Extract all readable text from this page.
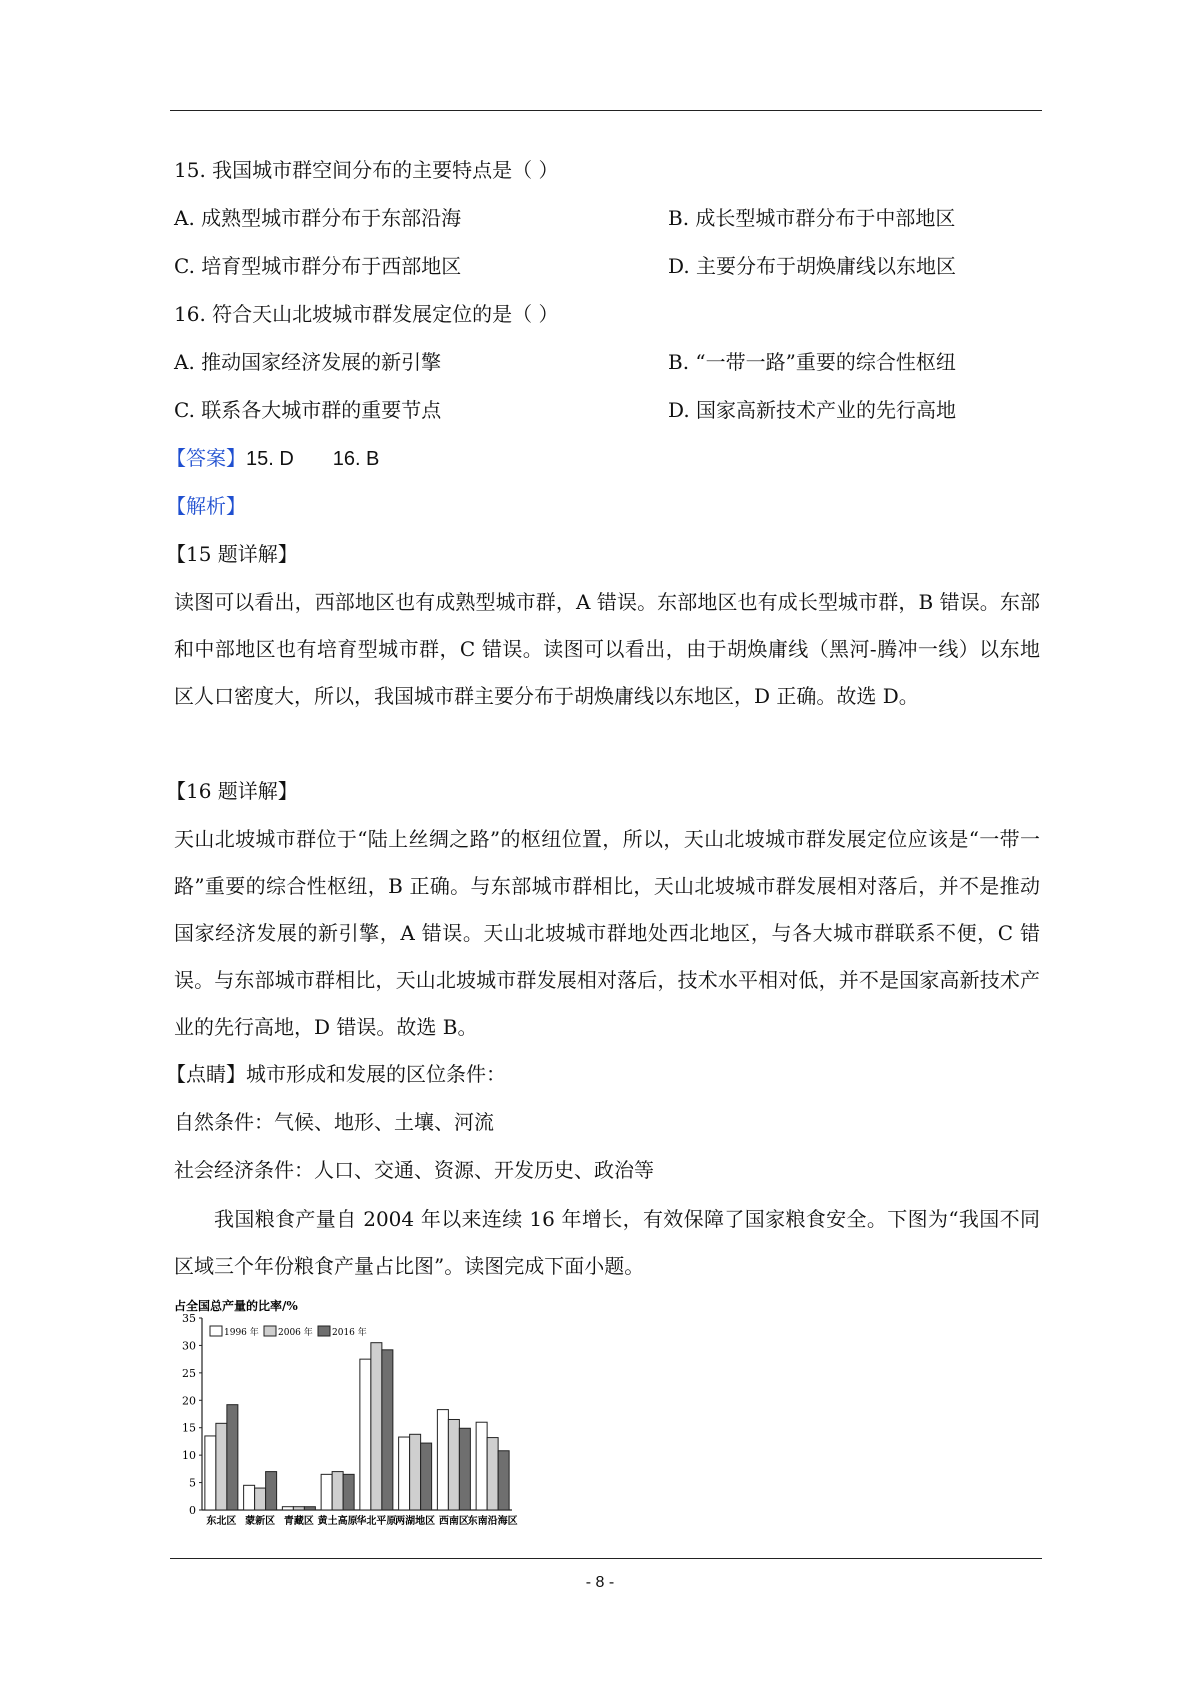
15. 我国城市群空间分布的主要特点是（ ）
A. 成熟型城市群分布于东部沿海	B. 成长型城市群分布于中部地区
C. 培育型城市群分布于西部地区	D. 主要分布于胡焕庸线以东地区
16. 符合天山北坡城市群发展定位的是（ ）
A. 推动国家经济发展的新引擎	B. “一带一路”重要的综合性枢纽
C. 联系各大城市群的重要节点	D. 国家高新技术产业的先行高地
【答案】15. D       16. B
【解析】
【15 题详解】
读图可以看出，西部地区也有成熟型城市群，A 错误。东部地区也有成长型城市群，B 错误。东部和中部地区也有培育型城市群，C 错误。读图可以看出，由于胡焕庸线（黑河-腾冲一线）以东地区人口密度大，所以，我国城市群主要分布于胡焕庸线以东地区，D 正确。故选 D。
【16 题详解】
天山北坡城市群位于“陆上丝绸之路”的枢纽位置，所以，天山北坡城市群发展定位应该是“一带一路”重要的综合性枢纽，B 正确。与东部城市群相比，天山北坡城市群发展相对落后，并不是推动国家经济发展的新引擎，A 错误。天山北坡城市群地处西北地区，与各大城市群联系不便，C 错误。与东部城市群相比，天山北坡城市群发展相对落后，技术水平相对低，并不是国家高新技术产业的先行高地，D 错误。故选 B。
【点睛】城市形成和发展的区位条件：
自然条件：气候、地形、土壤、河流
社会经济条件：人口、交通、资源、开发历史、政治等
我国粮食产量自 2004 年以来连续 16 年增长，有效保障了国家粮食安全。下图为“我国不同区域三个年份粮食产量占比图”。读图完成下面小题。
占全国总产量的比率/%
0
5
10
15
20
25
30
35
东北区 蒙新区 青藏区 黄土高原
华北平原
两湖地区 西南区
东南沿海区
1996 年 2006 年 2016 年
- 8 -
